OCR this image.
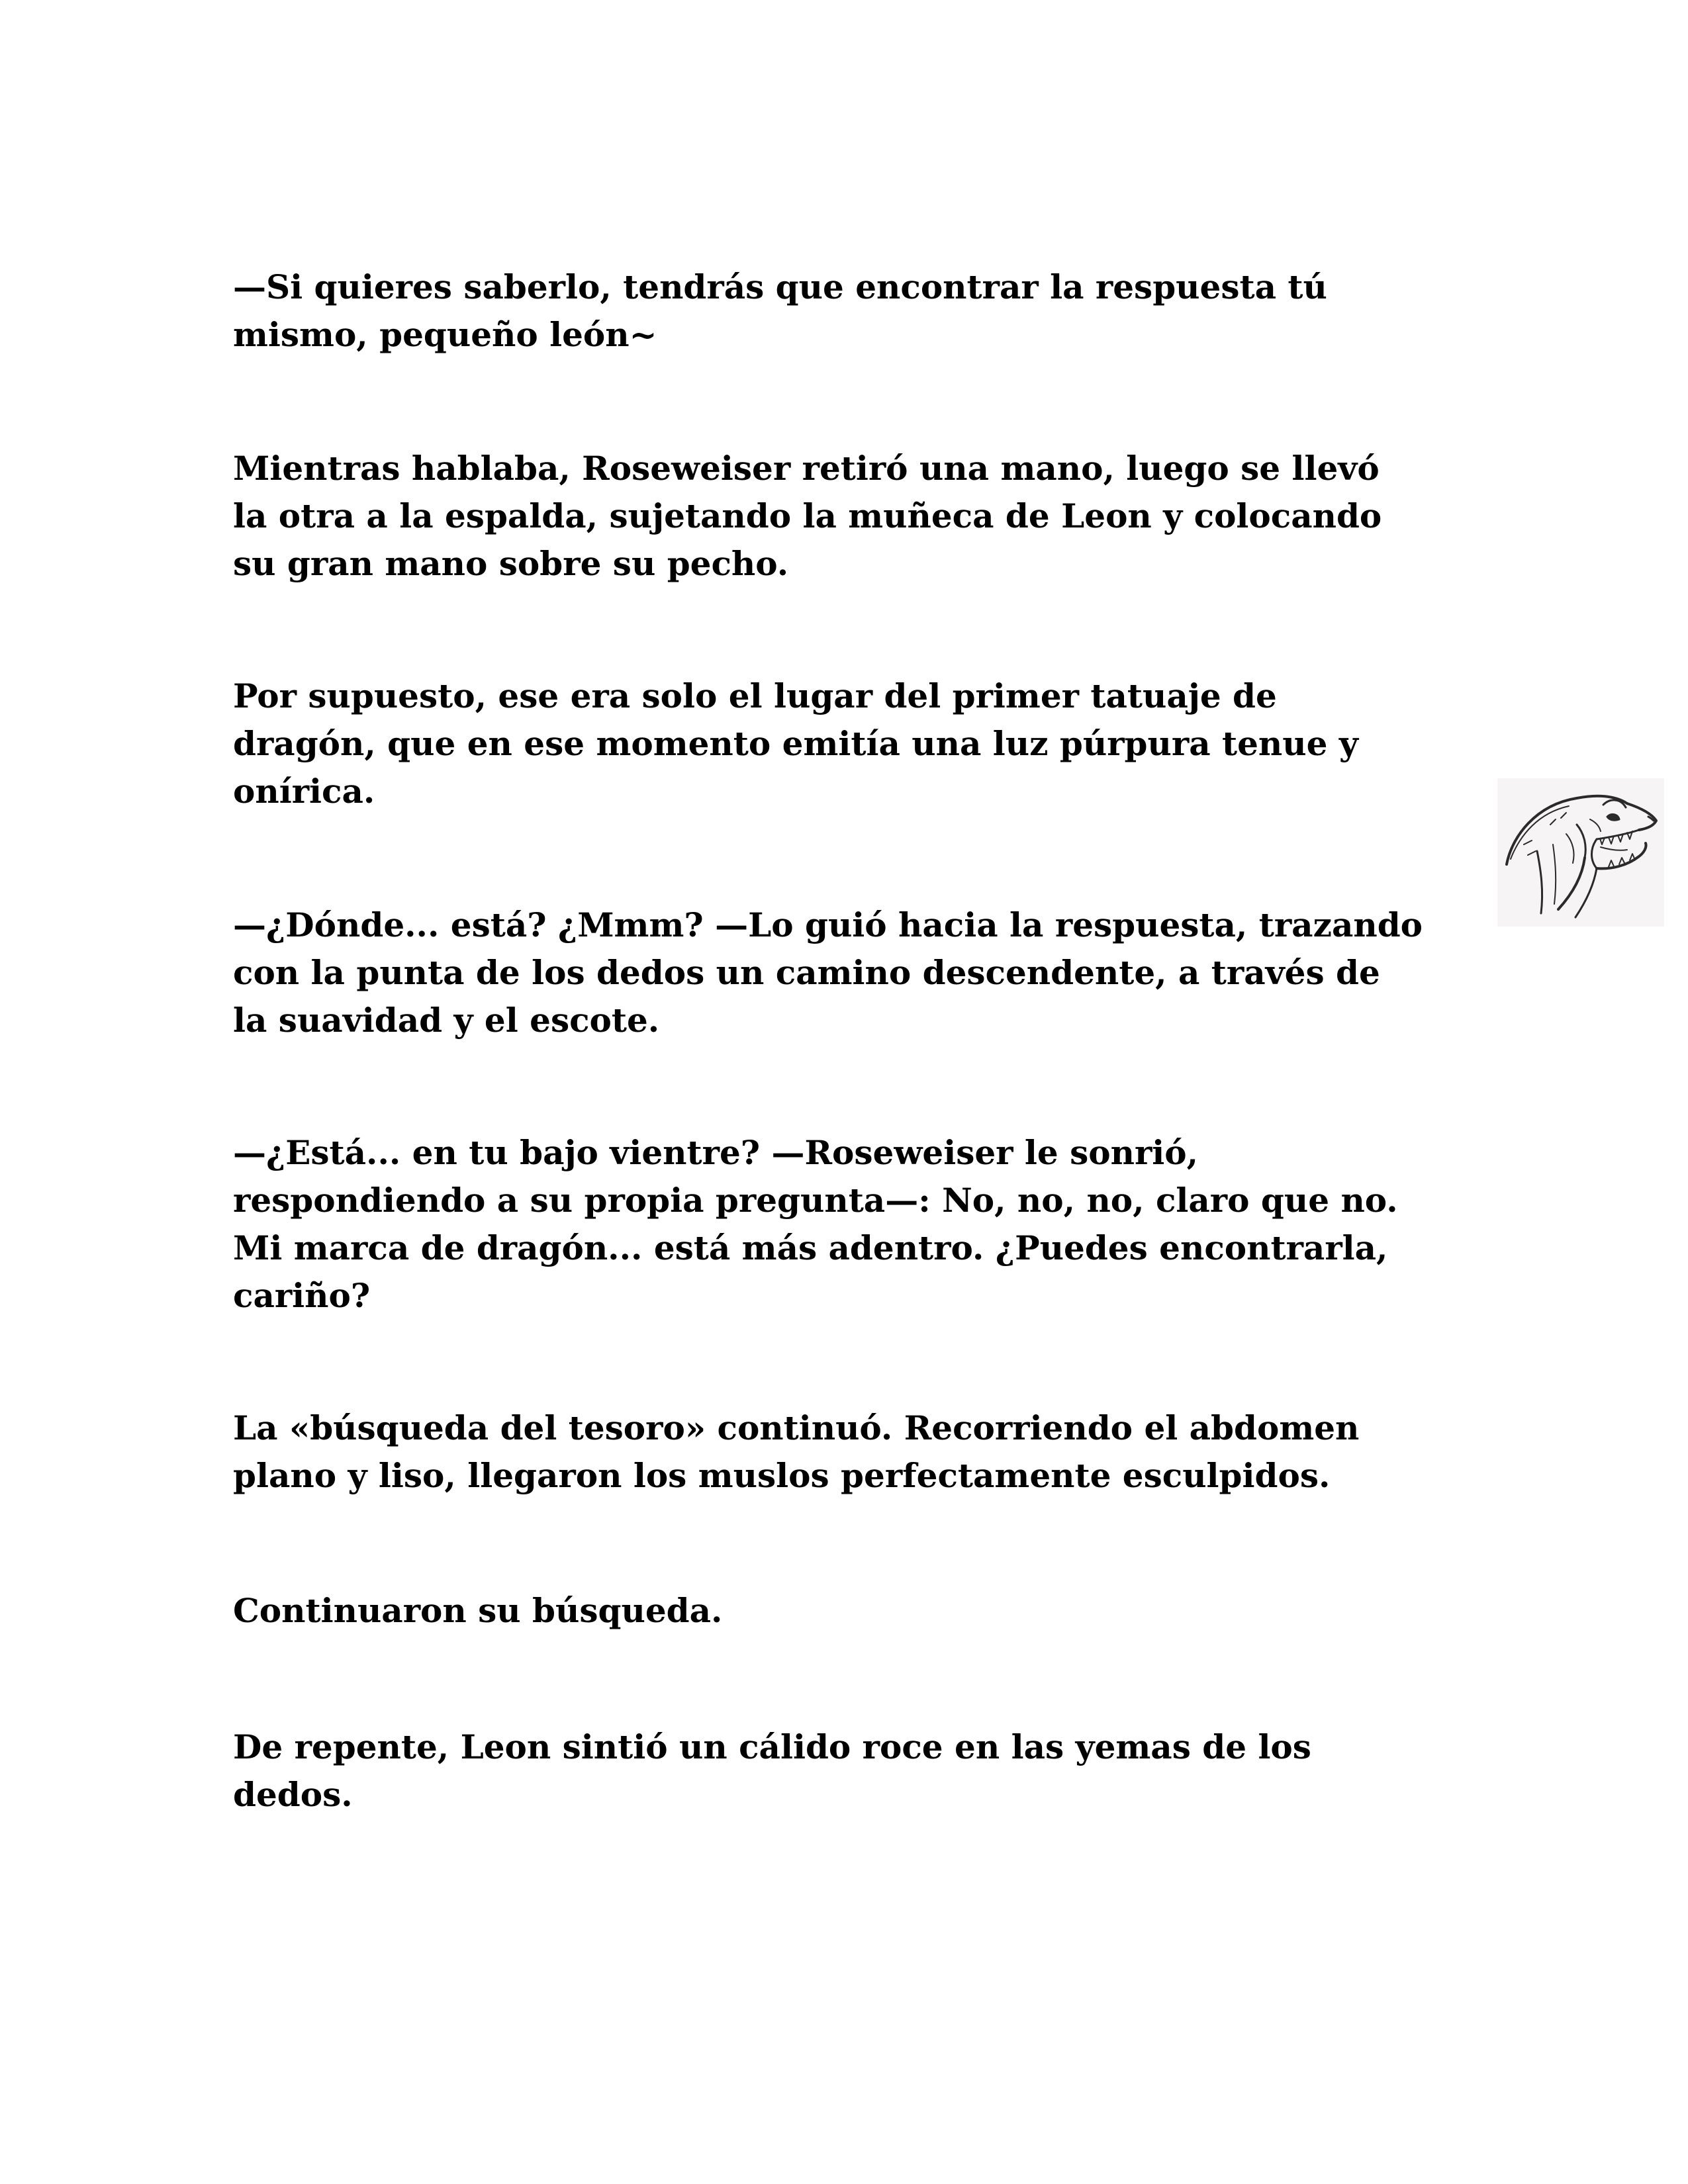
—Si quieres saberlo, tendrás que encontrar la respuesta tú
mismo, pequeño león~

Mientras hablaba, Roseweiser retiró una mano, luego se llevó
la otra a la espalda, sujetando la muñeca de Leon y colocando
su gran mano sobre su pecho.

Por supuesto, ese era solo el lugar del primer tatuaje de
dragón, que en ese momento emitía una luz púrpura tenue y
onírica.

—¿Dónde... está? ¿Mmm? —Lo guió hacia la respuesta, trazando
con la punta de los dedos un camino descendente, a través de
la suavidad y el escote.

—¿Está... en tu bajo vientre? —Roseweiser le sonrió,
respondiendo a su propia pregunta—: No, no, no, claro que no.
Mi marca de dragón... está más adentro. ¿Puedes encontrarla,
cariño?

La «búsqueda del tesoro» continuó. Recorriendo el abdomen
plano y liso, llegaron los muslos perfectamente esculpidos.

Continuaron su búsqueda.

De repente, Leon sintió un cálido roce en las yemas de los
dedos.
